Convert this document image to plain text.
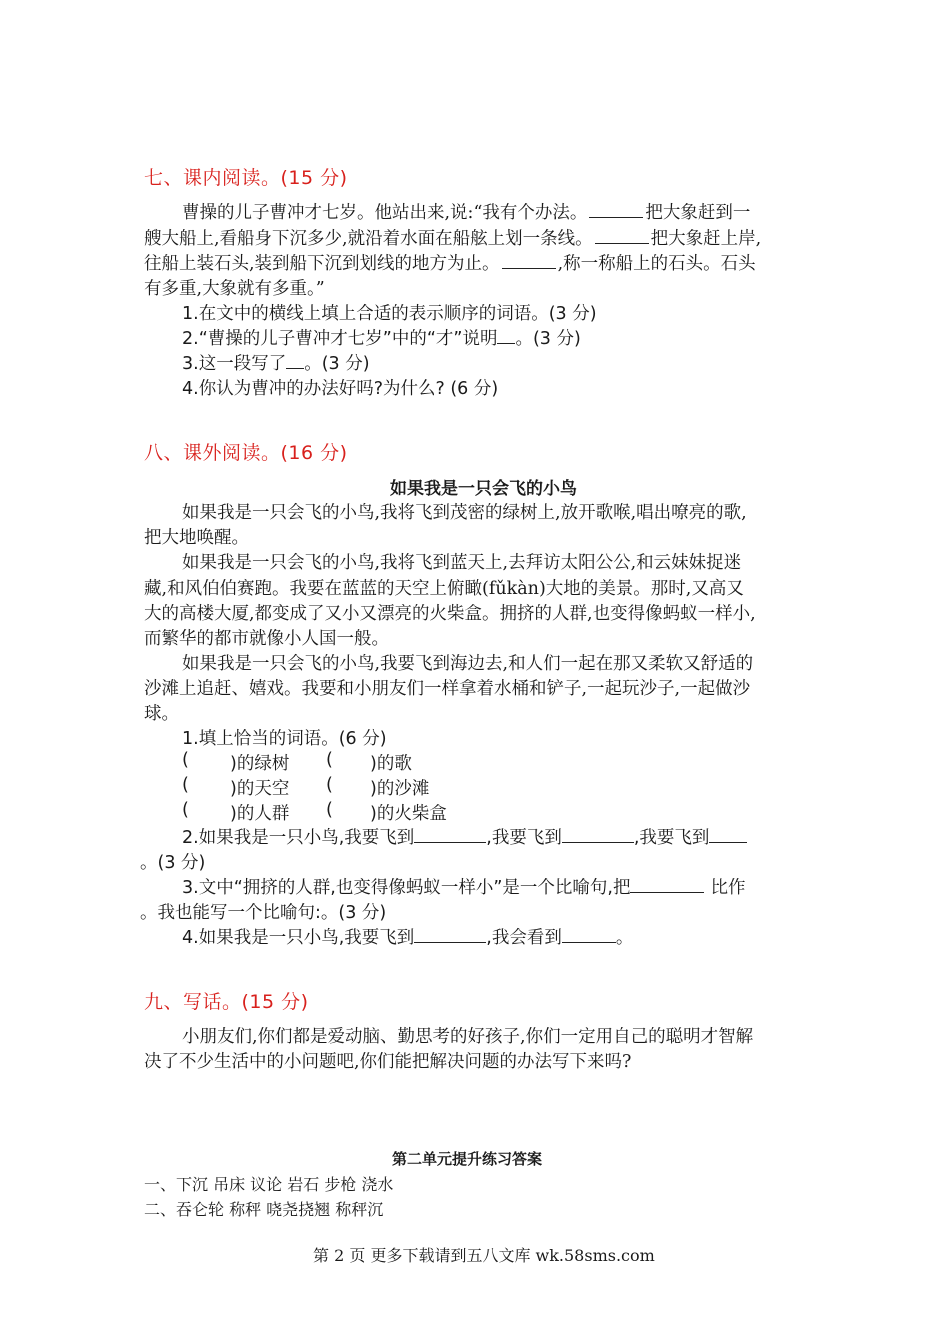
七、课内阅读。(15 分)
曹操的儿子曹冲才七岁。他站出来,说:“我有个办法。	把大象赶到一
艘大船上,看船身下沉多少,就沿着水面在船舷上划一条线。	把大象赶上岸,
往船上装石头,装到船下沉到划线的地方为止。	,称一称船上的石头。石头
有多重,大象就有多重。”
1.在文中的横线上填上合适的表示顺序的词语。(3 分)
2.“曹操的儿子曹冲才七岁”中的“才”说明 。(3 分)
3.这一段写了 。(3 分)
4.你认为曹冲的办法好吗?为什么? (6 分)
八、课外阅读。(16 分)
如果我是一只会飞的小鸟
如果我是一只会飞的小鸟,我将飞到茂密的绿树上,放开歌喉,唱出嘹亮的歌,
把大地唤醒。
如果我是一只会飞的小鸟,我将飞到蓝天上,去拜访太阳公公,和云妹妹捉迷
藏,和风伯伯赛跑。我要在蓝蓝的天空上俯瞰(fǔkàn)大地的美景。那时,又高又
大的高楼大厦,都变成了又小又漂亮的火柴盒。拥挤的人群,也变得像蚂蚁一样小,
而繁华的都市就像小人国一般。
如果我是一只会飞的小鸟,我要飞到海边去,和人们一起在那又柔软又舒适的
沙滩上追赶、嬉戏。我要和小朋友们一样拿着水桶和铲子,一起玩沙子,一起做沙
球。
1.填上恰当的词语。(6 分)
( )的绿树 ( )的歌
( )的天空 ( )的沙滩
( )的人群 ( )的火柴盒
2.如果我是一只小鸟,我要飞到	,我要飞到	,我要飞到
。(3 分)
3.文中“拥挤的人群,也变得像蚂蚁一样小”是一个比喻句,把	比作
。我也能写一个比喻句:。(3 分)
4.如果我是一只小鸟,我要飞到	,我会看到	。
九、写话。(15 分)
小朋友们,你们都是爱动脑、勤思考的好孩子,你们一定用自己的聪明才智解
决了不少生活中的小问题吧,你们能把解决问题的办法写下来吗?
第二单元提升练习答案
一、下沉 吊床 议论 岩石 步枪 浇水
二、吞仑轮 称秤 哓尧挠翘 称秤沉
第 2 页 更多下载请到五八文库 wk.58sms.com
